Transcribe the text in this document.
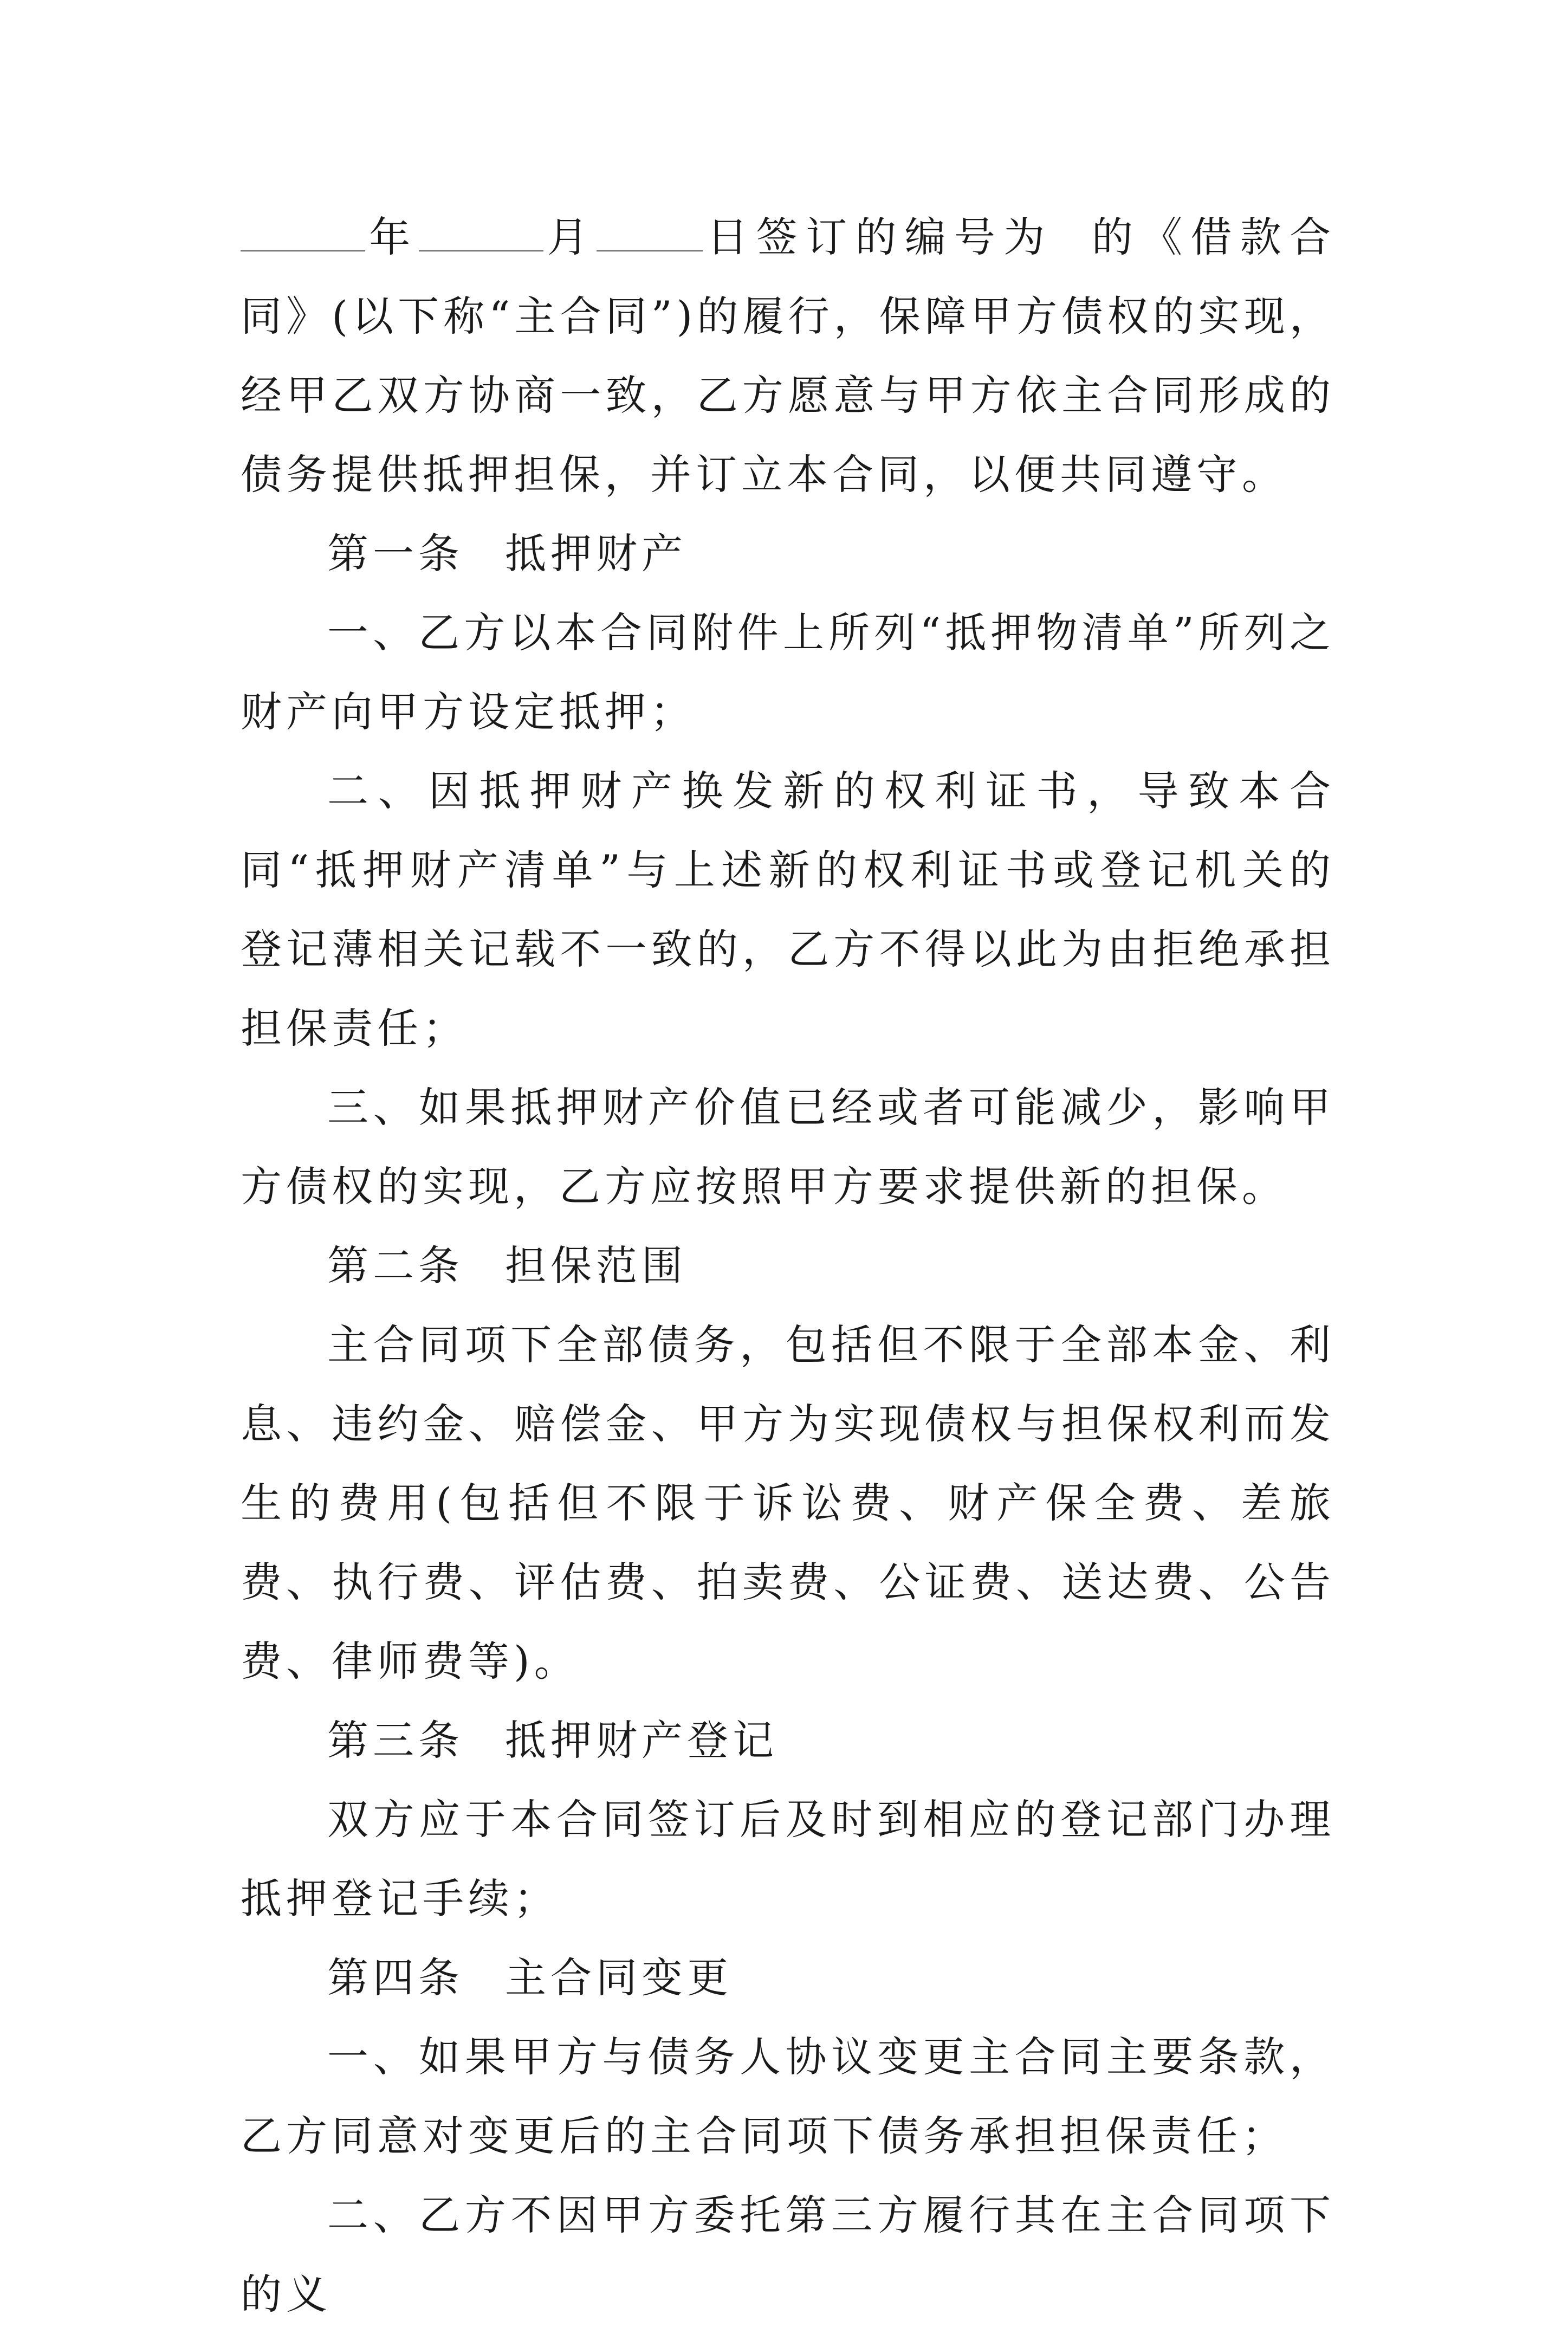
年	月	日签订的编号为 的《借款合同》(以下称“主合同”)的履行，保障甲方债权的实现，经甲乙双方协商一致，乙方愿意与甲方依主合同形成的债务提供抵押担保，并订立本合同，以便共同遵守。

第一条 抵押财产

一、乙方以本合同附件上所列“抵押物清单”所列之财产向甲方设定抵押；

二、因抵押财产换发新的权利证书，导致本合同“抵押财产清单”与上述新的权利证书或登记机关的登记薄相关记载不一致的，乙方不得以此为由拒绝承担担保责任；

三、如果抵押财产价值已经或者可能减少，影响甲方债权的实现，乙方应按照甲方要求提供新的担保。

第二条 担保范围

主合同项下全部债务，包括但不限于全部本金、利息、违约金、赔偿金、甲方为实现债权与担保权利而发生的费用(包括但不限于诉讼费、财产保全费、差旅费、执行费、评估费、拍卖费、公证费、送达费、公告费、律师费等)。

第三条 抵押财产登记

双方应于本合同签订后及时到相应的登记部门办理抵押登记手续；

第四条 主合同变更

一、如果甲方与债务人协议变更主合同主要条款，乙方同意对变更后的主合同项下债务承担担保责任；

二、乙方不因甲方委托第三方履行其在主合同项下的义
